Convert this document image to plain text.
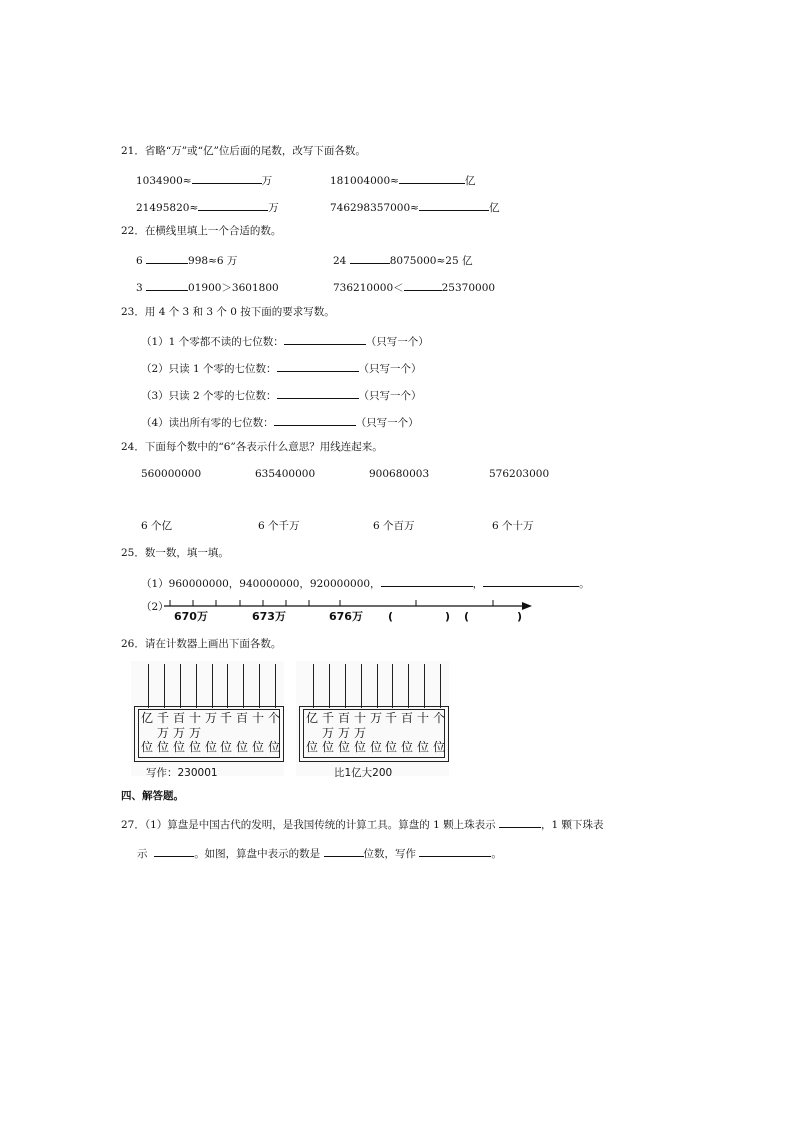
21．省略“万”或“亿”位后面的尾数，改写下面各数。
1034900≈	万	181004000≈	亿
21495820≈	万	746298357000≈	亿
22．在横线里填上一个合适的数。
6	998≈6 万	24	8075000≈25 亿
3	01900＞3601800	736210000＜	25370000
23．用 4 个 3 和 3 个 0 按下面的要求写数。
（1）1 个零都不读的七位数：	（只写一个）
（2）只读 1 个零的七位数：	（只写一个）
（3）只读 2 个零的七位数：	（只写一个）
（4）读出所有零的七位数：	（只写一个）
24．下面每个数中的“6”各表示什么意思？用线连起来。
560000000	635400000	900680003	576203000
6 个亿	6 个千万	6 个百万	6 个十万
25．数一数，填一填。
（1）960000000，940000000，920000000，	，	。
（2）
670万	673万	676万 (	) (	)
26．请在计数器上画出下面各数。
亿 千 百 十 万 千 百 十 个
万 万 万
位 位 位 位 位 位 位 位 位
写作：230001
亿 千 百 十 万 千 百 十 个
万 万 万
位 位 位 位 位 位 位 位 位
比1亿大200
四、解答题。
27．（1）算盘是中国古代的发明，是我国传统的计算工具。算盘的 1 颗上珠表示	，1 颗下珠表
示	。如图，算盘中表示的数是	位数，写作	。
